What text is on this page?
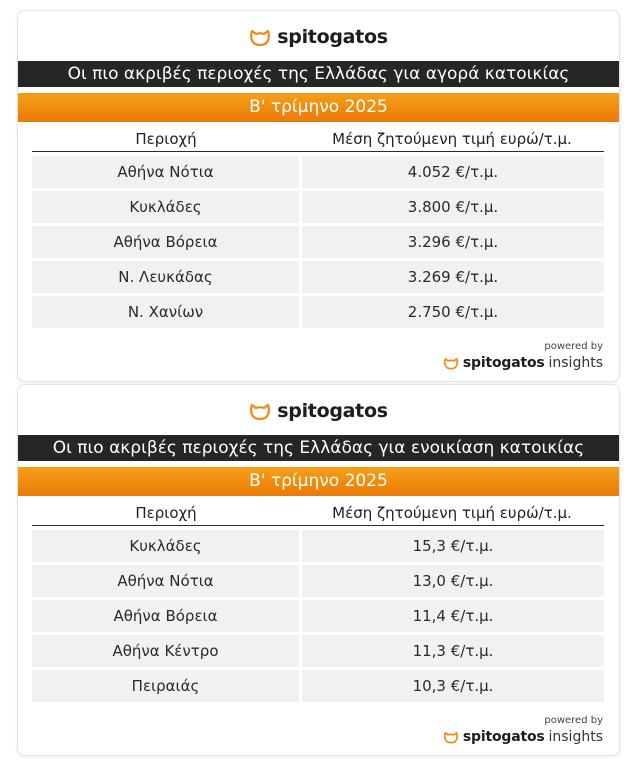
spitogatos
Οι πιο ακριβές περιοχές της Ελλάδας για αγορά κατοικίας
Β' τρίμηνο 2025
Περιοχή	Μέση ζητούμενη τιμή ευρώ/τ.μ.
Αθήνα Νότια	4.052 €/τ.μ.
Κυκλάδες	3.800 €/τ.μ.
Αθήνα Βόρεια	3.296 €/τ.μ.
Ν. Λευκάδας	3.269 €/τ.μ.
Ν. Χανίων	2.750 €/τ.μ.
powered by
spitogatos insights
spitogatos
Οι πιο ακριβές περιοχές της Ελλάδας για ενοικίαση κατοικίας
Β' τρίμηνο 2025
Περιοχή	Μέση ζητούμενη τιμή ευρώ/τ.μ.
Κυκλάδες	15,3 €/τ.μ.
Αθήνα Νότια	13,0 €/τ.μ.
Αθήνα Βόρεια	11,4 €/τ.μ.
Αθήνα Κέντρο	11,3 €/τ.μ.
Πειραιάς	10,3 €/τ.μ.
powered by
spitogatos insights
